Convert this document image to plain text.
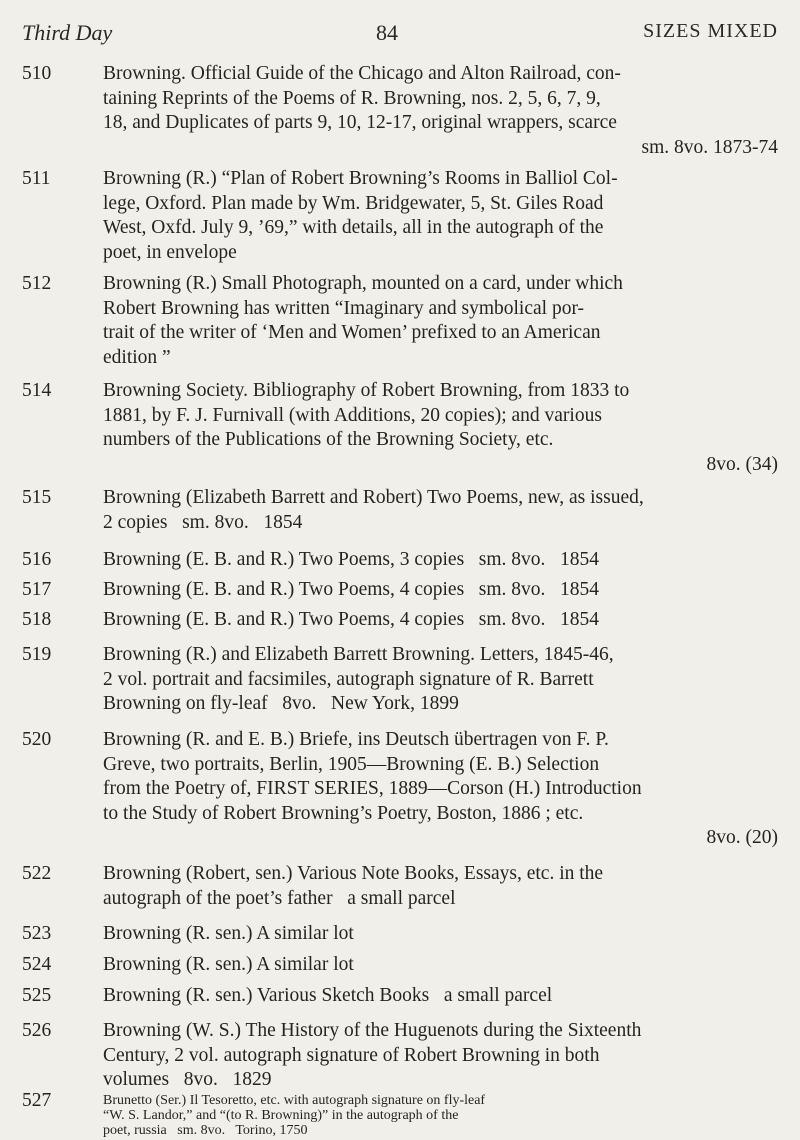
Third Day	84	SIZES MIXED
510	Browning. Official Guide of the Chicago and Alton Railroad, con-
taining Reprints of the Poems of R. Browning, nos. 2, 5, 6, 7, 9,
18, and Duplicates of parts 9, 10, 12-17, original wrappers, scarce
sm. 8vo. 1873-74
511	Browning (R.) “Plan of Robert Browning’s Rooms in Balliol Col-
lege, Oxford. Plan made by Wm. Bridgewater, 5, St. Giles Road
West, Oxfd. July 9, ’69,” with details, all in the autograph of the
poet, in envelope
512	Browning (R.) Small Photograph, mounted on a card, under which
Robert Browning has written “Imaginary and symbolical por-
trait of the writer of ‘Men and Women’ prefixed to an American
edition ”
514	Browning Society. Bibliography of Robert Browning, from 1833 to
1881, by F. J. Furnivall (with Additions, 20 copies); and various
numbers of the Publications of the Browning Society, etc.
8vo. (34)
515	Browning (Elizabeth Barrett and Robert) Two Poems, new, as issued,
2 copies   sm. 8vo.   1854
516	Browning (E. B. and R.) Two Poems, 3 copies   sm. 8vo.   1854
517	Browning (E. B. and R.) Two Poems, 4 copies   sm. 8vo.   1854
518	Browning (E. B. and R.) Two Poems, 4 copies   sm. 8vo.   1854
519	Browning (R.) and Elizabeth Barrett Browning. Letters, 1845-46,
2 vol. portrait and facsimiles, autograph signature of R. Barrett
Browning on fly-leaf   8vo.   New York, 1899
520	Browning (R. and E. B.) Briefe, ins Deutsch übertragen von F. P.
Greve, two portraits, Berlin, 1905—Browning (E. B.) Selection
from the Poetry of, FIRST SERIES, 1889—Corson (H.) Introduction
to the Study of Robert Browning’s Poetry, Boston, 1886 ; etc.
8vo. (20)
522	Browning (Robert, sen.) Various Note Books, Essays, etc. in the
autograph of the poet’s father   a small parcel
523	Browning (R. sen.) A similar lot
524	Browning (R. sen.) A similar lot
525	Browning (R. sen.) Various Sketch Books   a small parcel
526	Browning (W. S.) The History of the Huguenots during the Sixteenth
Century, 2 vol. autograph signature of Robert Browning in both
volumes   8vo.   1829
527	Brunetto (Ser.) Il Tesoretto, etc. with autograph signature on fly-leaf
“W. S. Landor,” and “(to R. Browning)” in the autograph of the
poet, russia   sm. 8vo.   Torino, 1750
